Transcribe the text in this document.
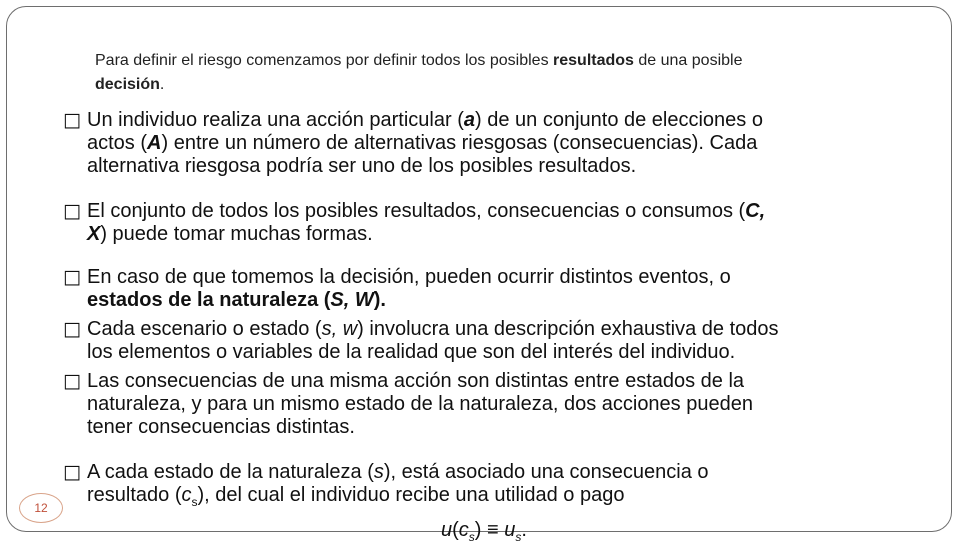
Para definir el riesgo comenzamos por definir todos los posibles resultados de una posible
decisión.
□ Un individuo realiza una acción particular (a) de un conjunto de elecciones o
actos (A) entre un número de alternativas riesgosas (consecuencias). Cada
alternativa riesgosa podría ser uno de los posibles resultados.
□ El conjunto de todos los posibles resultados, consecuencias o consumos (C,
X) puede tomar muchas formas.
□ En caso de que tomemos la decisión, pueden ocurrir distintos eventos, o
estados de la naturaleza (S, W).
□ Cada escenario o estado (s, w) involucra una descripción exhaustiva de todos
los elementos o variables de la realidad que son del interés del individuo.
□ Las consecuencias de una misma acción son distintas entre estados de la
naturaleza, y para un mismo estado de la naturaleza, dos acciones pueden
tener consecuencias distintas.
□ A cada estado de la naturaleza (s), está asociado una consecuencia o
resultado $(c_s)$, del cual el individuo recibe una utilidad o pago
$u(c_s) \equiv u_s$.
12
